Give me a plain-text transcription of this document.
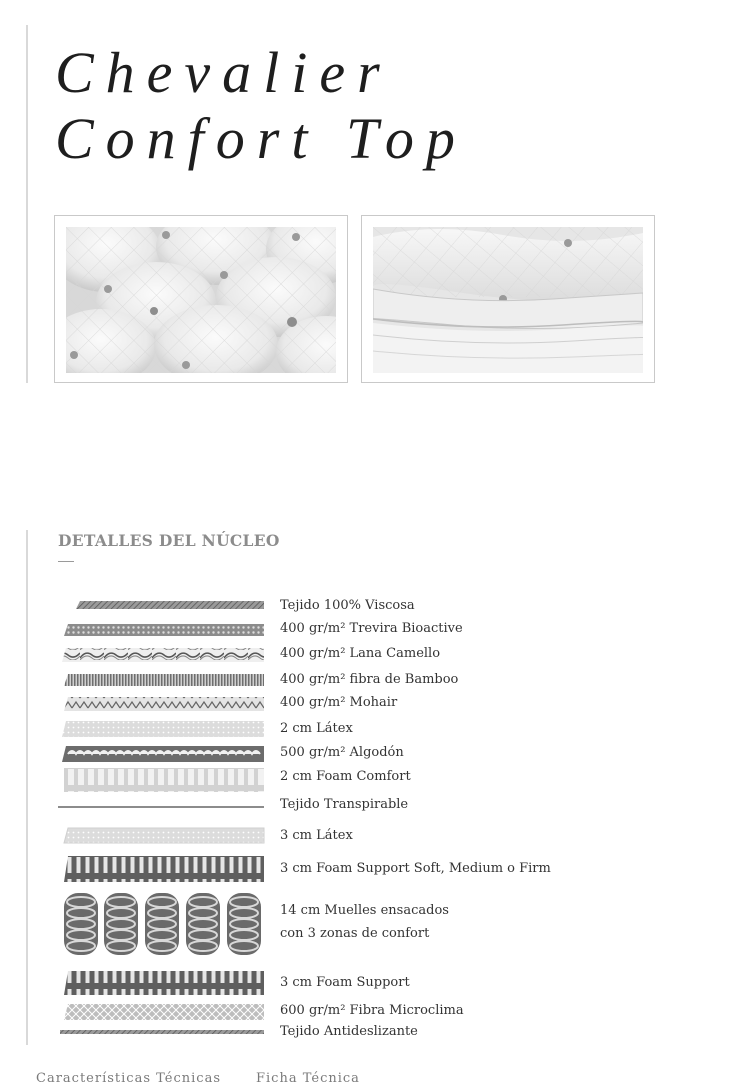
Chevalier
Confort Top
DETALLES DEL NÚCLEO
Tejido 100% Viscosa
400 gr/m² Trevira Bioactive
400 gr/m² Lana Camello
400 gr/m² fibra de Bamboo
400 gr/m² Mohair
2 cm Látex
500 gr/m² Algodón
2 cm Foam Comfort
Tejido Transpirable
3 cm Látex
3 cm Foam Support Soft, Medium o Firm
14 cm Muelles ensacados
con 3 zonas de confort
3 cm Foam Support
600 gr/m² Fibra Microclima
Tejido Antideslizante
Características Técnicas	Ficha Técnica
